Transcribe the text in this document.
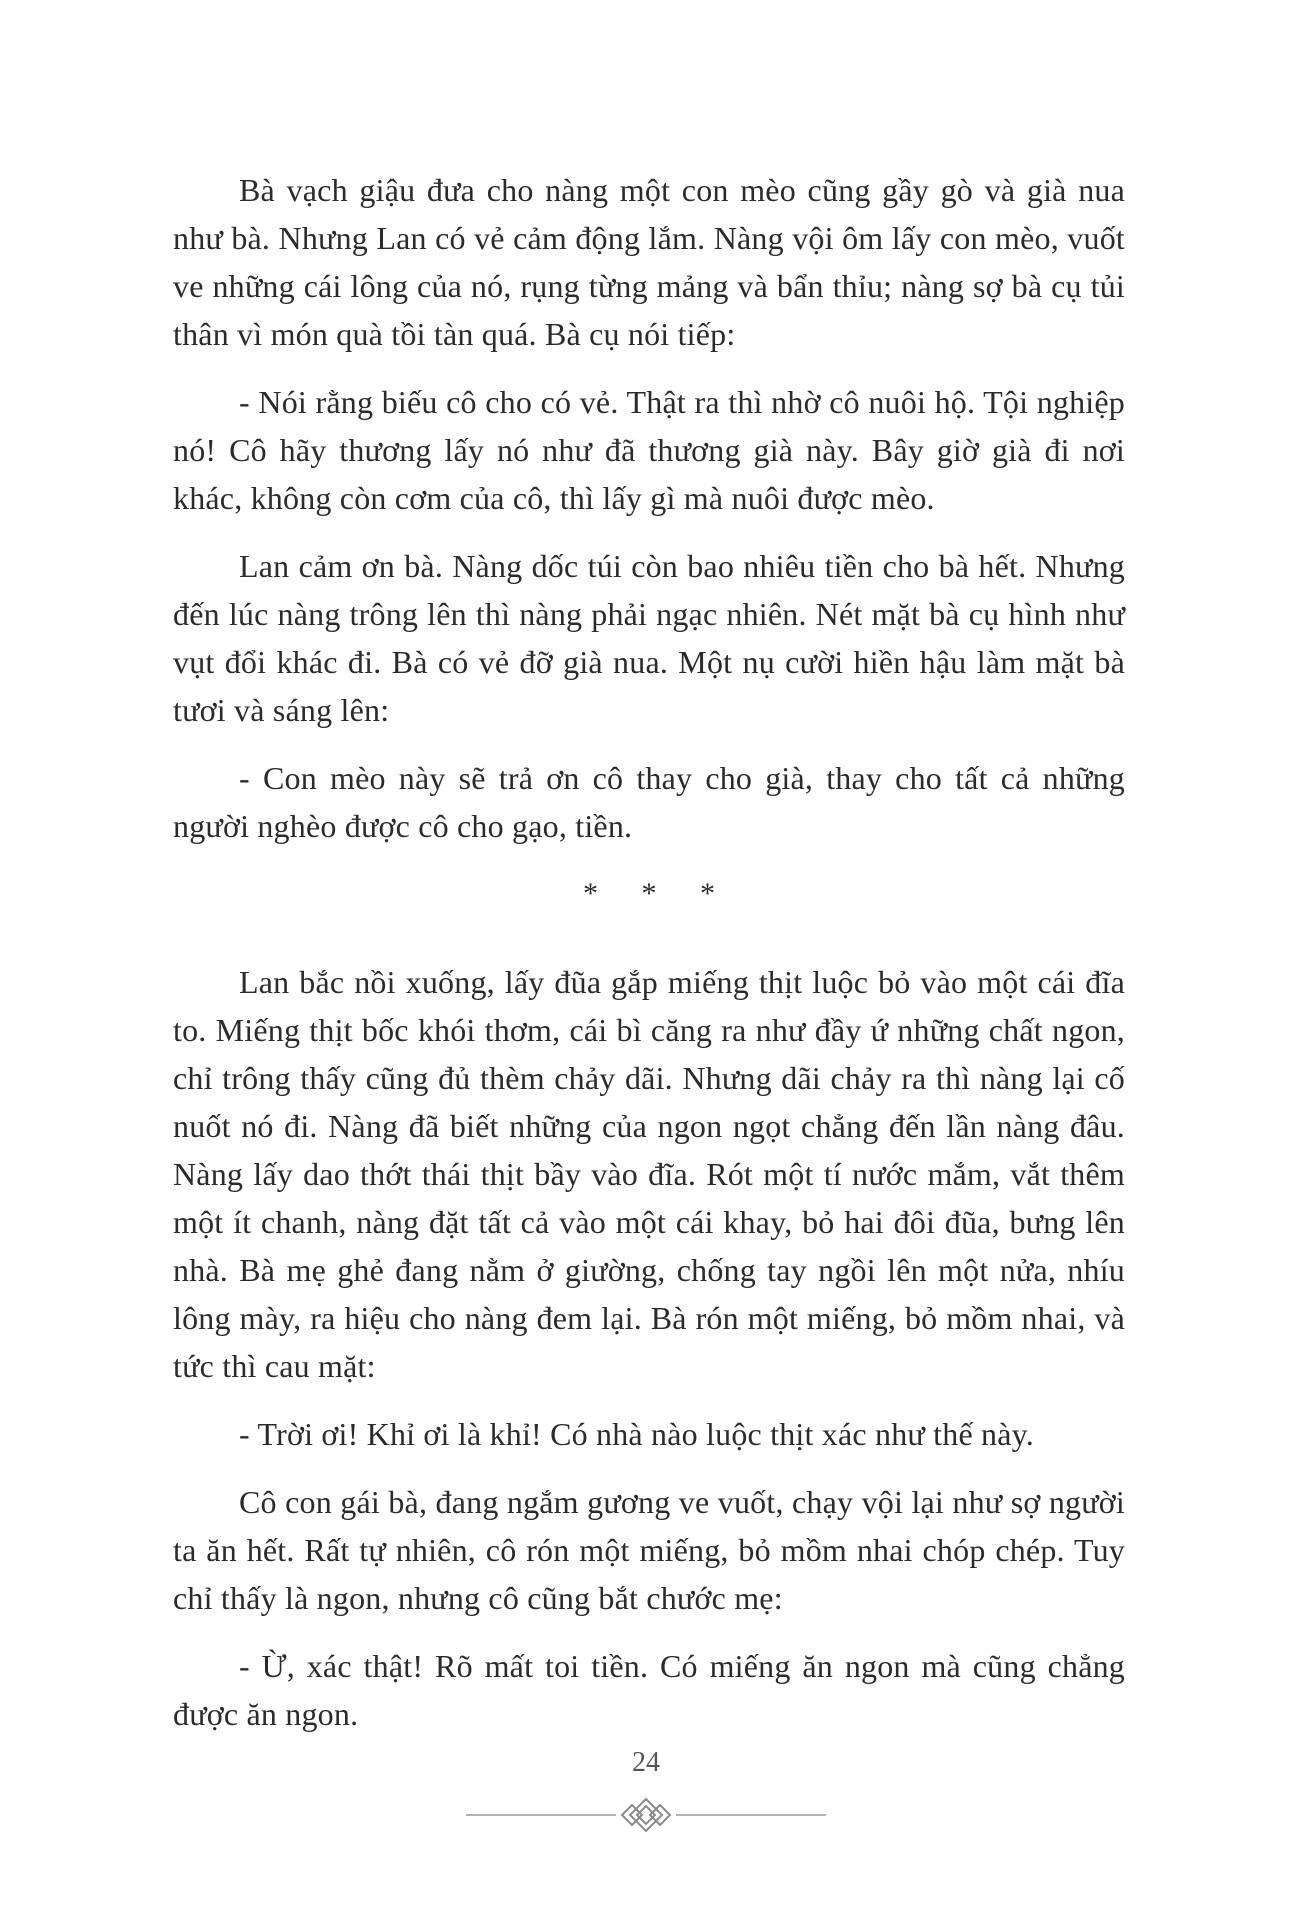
Bà vạch giậu đưa cho nàng một con mèo cũng gầy gò và già nua như bà. Nhưng Lan có vẻ cảm động lắm. Nàng vội ôm lấy con mèo, vuốt ve những cái lông của nó, rụng từng mảng và bẩn thỉu; nàng sợ bà cụ tủi thân vì món quà tồi tàn quá. Bà cụ nói tiếp:

- Nói rằng biếu cô cho có vẻ. Thật ra thì nhờ cô nuôi hộ. Tội nghiệp nó! Cô hãy thương lấy nó như đã thương già này. Bây giờ già đi nơi khác, không còn cơm của cô, thì lấy gì mà nuôi được mèo.

Lan cảm ơn bà. Nàng dốc túi còn bao nhiêu tiền cho bà hết. Nhưng đến lúc nàng trông lên thì nàng phải ngạc nhiên. Nét mặt bà cụ hình như vụt đổi khác đi. Bà có vẻ đỡ già nua. Một nụ cười hiền hậu làm mặt bà tươi và sáng lên:

- Con mèo này sẽ trả ơn cô thay cho già, thay cho tất cả những người nghèo được cô cho gạo, tiền.

* * *

Lan bắc nồi xuống, lấy đũa gắp miếng thịt luộc bỏ vào một cái đĩa to. Miếng thịt bốc khói thơm, cái bì căng ra như đầy ứ những chất ngon, chỉ trông thấy cũng đủ thèm chảy dãi. Nhưng dãi chảy ra thì nàng lại cố nuốt nó đi. Nàng đã biết những của ngon ngọt chẳng đến lần nàng đâu. Nàng lấy dao thớt thái thịt bầy vào đĩa. Rót một tí nước mắm, vắt thêm một ít chanh, nàng đặt tất cả vào một cái khay, bỏ hai đôi đũa, bưng lên nhà. Bà mẹ ghẻ đang nằm ở giường, chống tay ngồi lên một nửa, nhíu lông mày, ra hiệu cho nàng đem lại. Bà rón một miếng, bỏ mồm nhai, và tức thì cau mặt:

- Trời ơi! Khỉ ơi là khỉ! Có nhà nào luộc thịt xác như thế này.

Cô con gái bà, đang ngắm gương ve vuốt, chạy vội lại như sợ người ta ăn hết. Rất tự nhiên, cô rón một miếng, bỏ mồm nhai chóp chép. Tuy chỉ thấy là ngon, nhưng cô cũng bắt chước mẹ:

- Ừ, xác thật! Rõ mất toi tiền. Có miếng ăn ngon mà cũng chẳng được ăn ngon.

24
